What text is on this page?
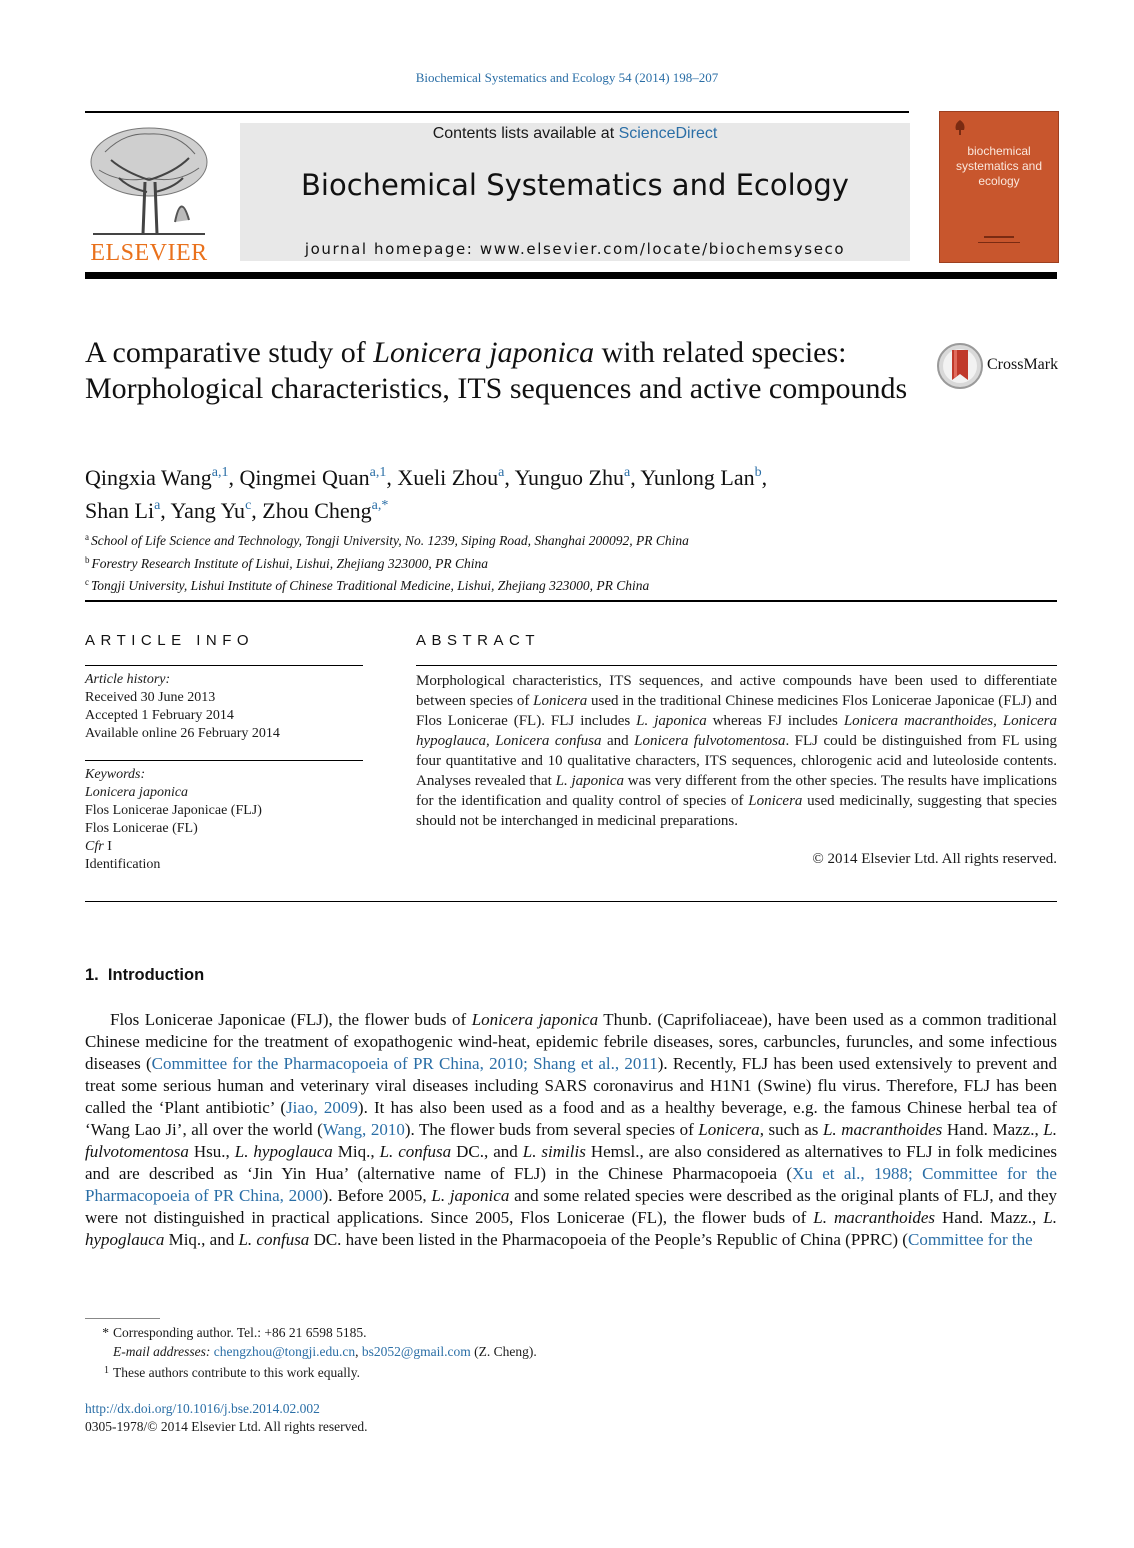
Biochemical Systematics and Ecology 54 (2014) 198–207
ELSEVIER
Contents lists available at ScienceDirect
Biochemical Systematics and Ecology
journal homepage: www.elsevier.com/locate/biochemsyseco
biochemical systematics and ecology
A comparative study of Lonicera japonica with related species: Morphological characteristics, ITS sequences and active compounds
CrossMark
Qingxia Wang$^{a,1}$, Qingmei Quan$^{a,1}$, Xueli Zhou$^a$, Yunguo Zhu$^a$, Yunlong Lan$^b$,
Shan Li$^a$, Yang Yu$^c$, Zhou Cheng$^{a,*}$
$^a$ School of Life Science and Technology, Tongji University, No. 1239, Siping Road, Shanghai 200092, PR China
$^b$ Forestry Research Institute of Lishui, Lishui, Zhejiang 323000, PR China
$^c$ Tongji University, Lishui Institute of Chinese Traditional Medicine, Lishui, Zhejiang 323000, PR China
ARTICLE INFO
Article history:
Received 30 June 2013
Accepted 1 February 2014
Available online 26 February 2014
Keywords:
Lonicera japonica
Flos Lonicerae Japonicae (FLJ)
Flos Lonicerae (FL)
Cfr I
Identification
ABSTRACT
Morphological characteristics, ITS sequences, and active compounds have been used to differentiate between species of Lonicera used in the traditional Chinese medicines Flos Lonicerae Japonicae (FLJ) and Flos Lonicerae (FL). FLJ includes L. japonica whereas FJ includes Lonicera macranthoides, Lonicera hypoglauca, Lonicera confusa and Lonicera fulvotomentosa. FLJ could be distinguished from FL using four quantitative and 10 qualitative characters, ITS sequences, chlorogenic acid and luteoloside contents. Analyses revealed that L. japonica was very different from the other species. The results have implications for the identification and quality control of species of Lonicera used medicinally, suggesting that species should not be interchanged in medicinal preparations.
© 2014 Elsevier Ltd. All rights reserved.
1.  Introduction
Flos Lonicerae Japonicae (FLJ), the flower buds of Lonicera japonica Thunb. (Caprifoliaceae), have been used as a common traditional Chinese medicine for the treatment of exopathogenic wind-heat, epidemic febrile diseases, sores, carbuncles, furuncles, and some infectious diseases (Committee for the Pharmacopoeia of PR China, 2010; Shang et al., 2011). Recently, FLJ has been used extensively to prevent and treat some serious human and veterinary viral diseases including SARS coronavirus and H1N1 (Swine) flu virus. Therefore, FLJ has been called the ‘Plant antibiotic’ (Jiao, 2009). It has also been used as a food and as a healthy beverage, e.g. the famous Chinese herbal tea of ‘Wang Lao Ji’, all over the world (Wang, 2010). The flower buds from several species of Lonicera, such as L. macranthoides Hand. Mazz., L. fulvotomentosa Hsu., L. hypoglauca Miq., L. confusa DC., and L. similis Hemsl., are also considered as alternatives to FLJ in folk medicines and are described as ‘Jin Yin Hua’ (alternative name of FLJ) in the Chinese Pharmacopoeia (Xu et al., 1988; Committee for the Pharmacopoeia of PR China, 2000). Before 2005, L. japonica and some related species were described as the original plants of FLJ, and they were not distinguished in practical applications. Since 2005, Flos Lonicerae (FL), the flower buds of L. macranthoides Hand. Mazz., L. hypoglauca Miq., and L. confusa DC. have been listed in the Pharmacopoeia of the People’s Republic of China (PPRC) (Committee for the
* Corresponding author. Tel.: +86 21 6598 5185.
E-mail addresses: chengzhou@tongji.edu.cn, bs2052@gmail.com (Z. Cheng).
1 These authors contribute to this work equally.
http://dx.doi.org/10.1016/j.bse.2014.02.002
0305-1978/© 2014 Elsevier Ltd. All rights reserved.
